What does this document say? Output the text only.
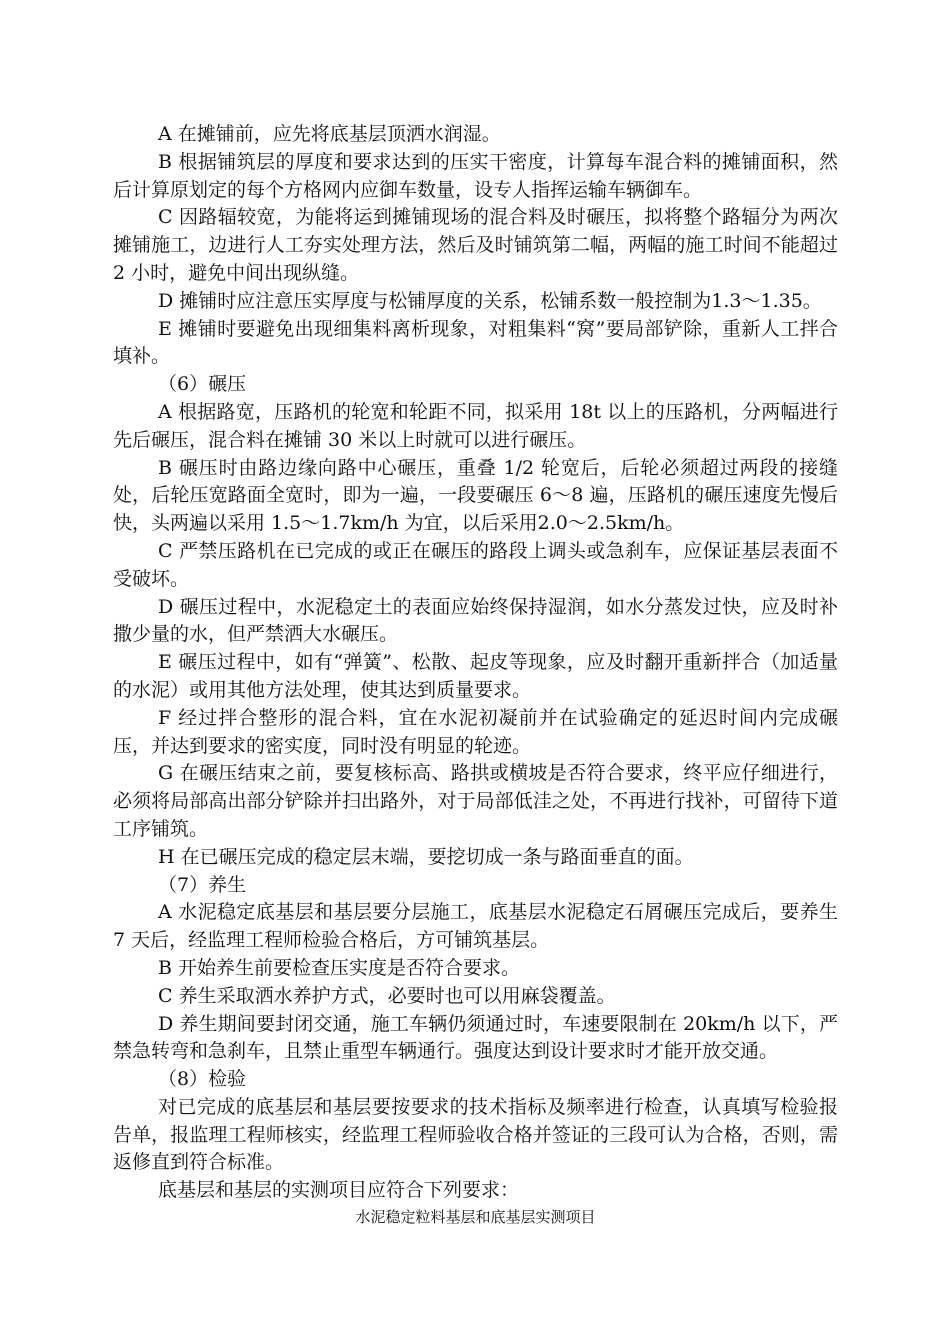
A 在摊铺前，应先将底基层顶洒水润湿。

B 根据铺筑层的厚度和要求达到的压实干密度，计算每车混合料的摊铺面积，然后计算原划定的每个方格网内应御车数量，设专人指挥运输车辆御车。

C 因路辐较宽，为能将运到摊铺现场的混合料及时碾压，拟将整个路辐分为两次摊铺施工，边进行人工夯实处理方法，然后及时铺筑第二幅，两幅的施工时间不能超过 2 小时，避免中间出现纵缝。

D 摊铺时应注意压实厚度与松铺厚度的关系，松铺系数一般控制为1.3～1.35。

E 摊铺时要避免出现细集料离析现象，对粗集料“窝”要局部铲除，重新人工拌合填补。

（6）碾压

A 根据路宽，压路机的轮宽和轮距不同，拟采用 18t 以上的压路机，分两幅进行先后碾压，混合料在摊铺 30 米以上时就可以进行碾压。

B 碾压时由路边缘向路中心碾压，重叠 1/2 轮宽后，后轮必须超过两段的接缝处，后轮压宽路面全宽时，即为一遍，一段要碾压 6～8 遍，压路机的碾压速度先慢后快，头两遍以采用 1.5～1.7km/h 为宜，以后采用2.0～2.5km/h。

C 严禁压路机在已完成的或正在碾压的路段上调头或急刹车，应保证基层表面不受破坏。

D 碾压过程中，水泥稳定土的表面应始终保持湿润，如水分蒸发过快，应及时补撒少量的水，但严禁洒大水碾压。

E 碾压过程中，如有“弹簧”、松散、起皮等现象，应及时翻开重新拌合（加适量的水泥）或用其他方法处理，使其达到质量要求。

F 经过拌合整形的混合料，宜在水泥初凝前并在试验确定的延迟时间内完成碾压，并达到要求的密实度，同时没有明显的轮迹。

G 在碾压结束之前，要复核标高、路拱或横坡是否符合要求，终平应仔细进行，必须将局部高出部分铲除并扫出路外，对于局部低洼之处，不再进行找补，可留待下道工序铺筑。

H 在已碾压完成的稳定层末端，要挖切成一条与路面垂直的面。

（7）养生

A 水泥稳定底基层和基层要分层施工，底基层水泥稳定石屑碾压完成后，要养生 7 天后，经监理工程师检验合格后，方可铺筑基层。

B 开始养生前要检查压实度是否符合要求。

C 养生采取洒水养护方式，必要时也可以用麻袋覆盖。

D 养生期间要封闭交通，施工车辆仍须通过时，车速要限制在 20km/h 以下，严禁急转弯和急刹车，且禁止重型车辆通行。强度达到设计要求时才能开放交通。

（8）检验

对已完成的底基层和基层要按要求的技术指标及频率进行检查，认真填写检验报告单，报监理工程师核实，经监理工程师验收合格并签证的三段可认为合格，否则，需返修直到符合标准。

底基层和基层的实测项目应符合下列要求：

水泥稳定粒料基层和底基层实测项目
